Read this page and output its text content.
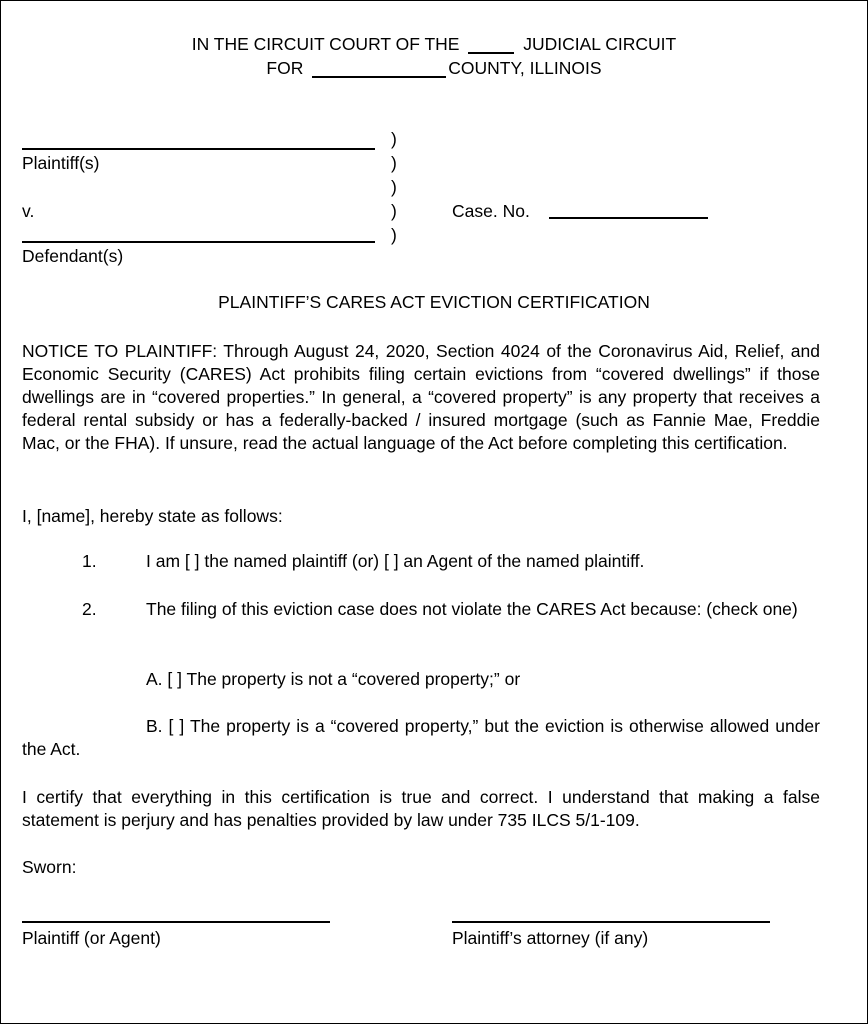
IN THE CIRCUIT COURT OF THE	JUDICIAL CIRCUIT
FOR	COUNTY, ILLINOIS
Plaintiff(s)
v.
Defendant(s)
)
)
)
)
)
Case. No.
PLAINTIFF’S CARES ACT EVICTION CERTIFICATION
NOTICE TO PLAINTIFF: Through August 24, 2020, Section 4024 of the Coronavirus Aid, Relief, and Economic Security (CARES) Act prohibits filing certain evictions from “covered dwellings” if those dwellings are in “covered properties.” In general, a “covered property” is any property that receives a federal rental subsidy or has a federally-backed / insured mortgage (such as Fannie Mae, Freddie Mac, or the FHA). If unsure, read the actual language of the Act before completing this certification.
I, [name], hereby state as follows:
1.	I am [ ] the named plaintiff (or) [ ] an Agent of the named plaintiff.
2.	The filing of this eviction case does not violate the CARES Act because: (check one)
A. [ ] The property is not a “covered property;” or
B. [ ] The property is a “covered property,” but the eviction is otherwise allowed under the Act.
I certify that everything in this certification is true and correct. I understand that making a false statement is perjury and has penalties provided by law under 735 ILCS 5/1-109.
Sworn:
Plaintiff (or Agent)	Plaintiff’s attorney (if any)
